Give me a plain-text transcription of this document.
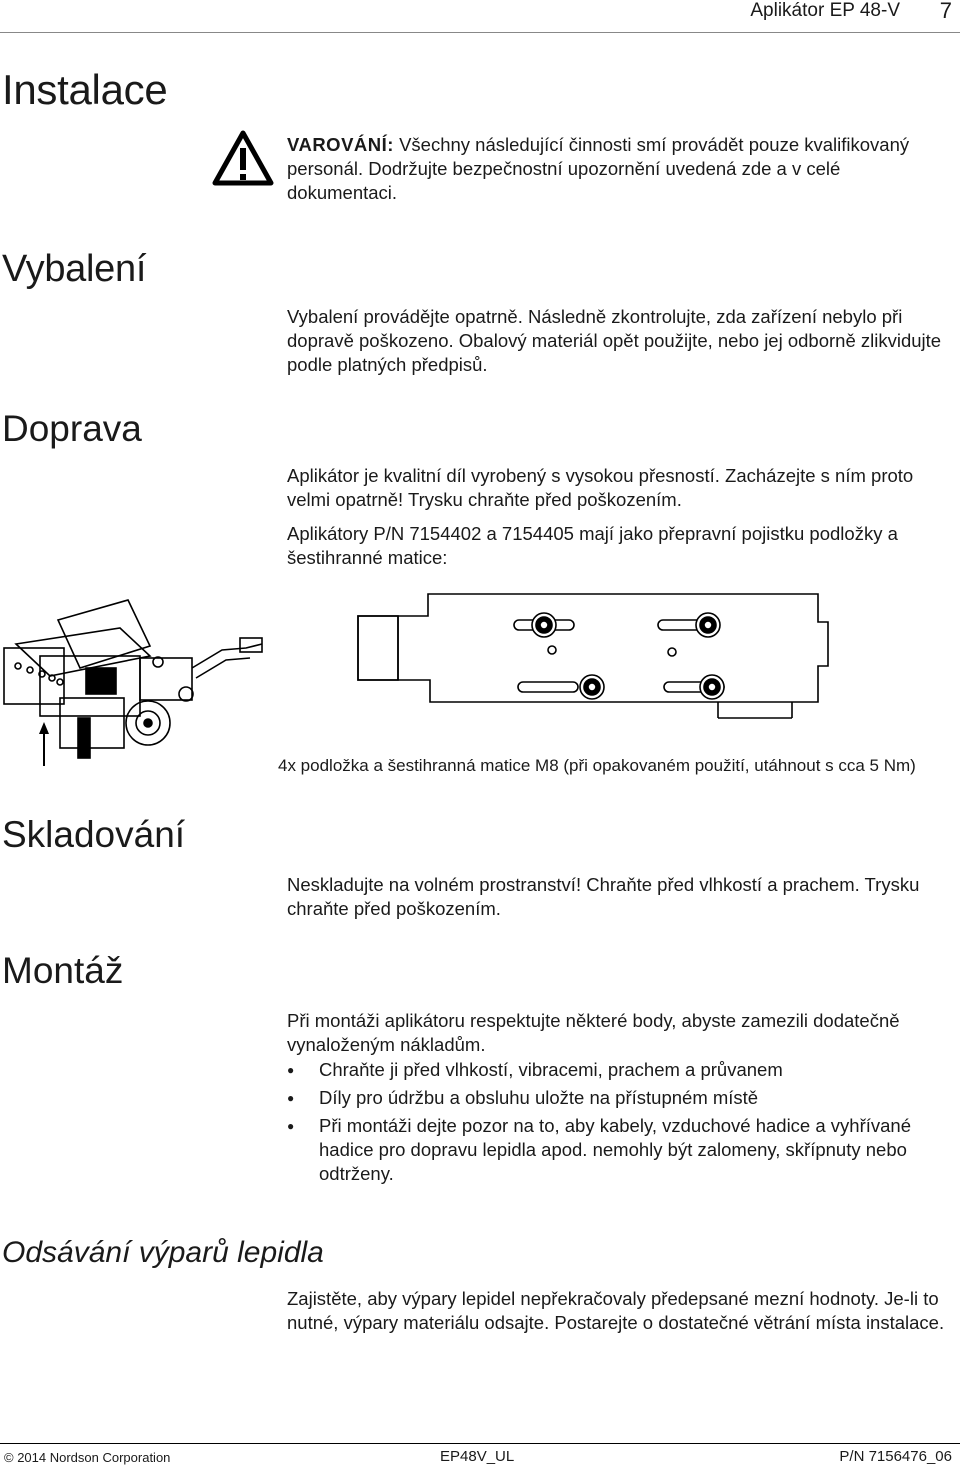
Aplikátor EP 48-V 7
Instalace

VAROVÁNÍ: Všechny následující činnosti smí provádět pouze kvalifikovaný personál. Dodržujte bezpečnostní upozornění uvedená zde a v celé dokumentaci.

Vybalení

Vybalení provádějte opatrně. Následně zkontrolujte, zda zařízení nebylo při dopravě poškozeno. Obalový materiál opět použijte, nebo jej odborně zlikvidujte podle platných předpisů.

Doprava

Aplikátor je kvalitní díl vyrobený s vysokou přesností. Zacházejte s ním proto velmi opatrně! Trysku chraňte před poškozením.

Aplikátory P/N 7154402 a 7154405 mají jako přepravní pojistku podložky a šestihranné matice:

4x podložka a šestihranná matice M8 (při opakovaném použití, utáhnout s cca 5 Nm)
Skladování

Neskladujte na volném prostranství! Chraňte před vlhkostí a prachem. Trysku chraňte před poškozením.

Montáž

Při montáži aplikátoru respektujte některé body, abyste zamezili dodatečně vynaloženým nákladům.

● Chraňte ji před vlhkostí, vibracemi, prachem a průvanem
● Díly pro údržbu a obsluhu uložte na přístupném místě
● Při montáži dejte pozor na to, aby kabely, vzduchové hadice a vyhřívané hadice pro dopravu lepidla apod. nemohly být zalomeny, skřípnuty nebo odtrženy.
Odsávání výparů lepidla

Zajistěte, aby výpary lepidel nepřekračovaly předepsané mezní hodnoty. Je-li to nutné, výpary materiálu odsajte. Postarejte o dostatečné větrání místa instalace.

© 2014 Nordson Corporation	EP48V_UL	P/N 7156476_06
